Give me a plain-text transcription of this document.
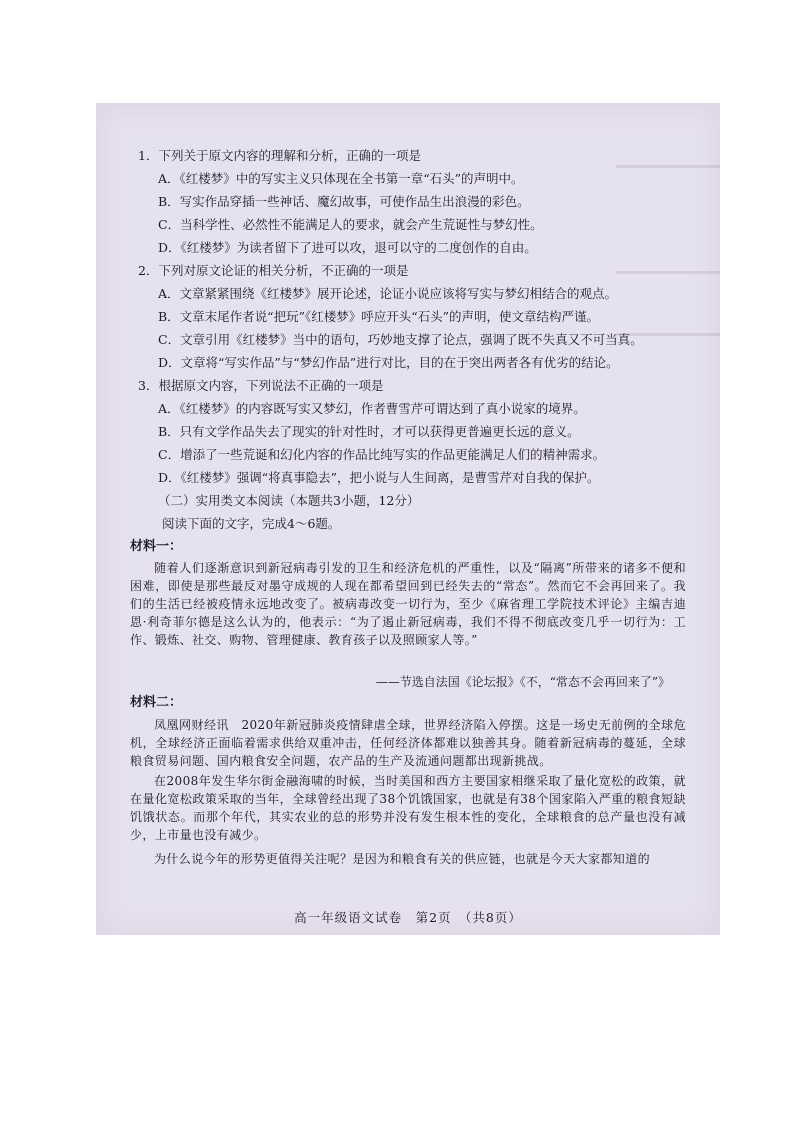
1．下列关于原文内容的理解和分析，正确的一项是
A．《红楼梦》中的写实主义只体现在全书第一章“石头”的声明中。
B．写实作品穿插一些神话、魔幻故事，可使作品生出浪漫的彩色。
C．当科学性、必然性不能满足人的要求，就会产生荒诞性与梦幻性。
D．《红楼梦》为读者留下了进可以攻，退可以守的二度创作的自由。
2．下列对原文论证的相关分析，不正确的一项是
A．文章紧紧围绕《红楼梦》展开论述，论证小说应该将写实与梦幻相结合的观点。
B．文章末尾作者说“把玩”《红楼梦》呼应开头“石头”的声明，使文章结构严谨。
C．文章引用《红楼梦》当中的语句，巧妙地支撑了论点，强调了既不失真又不可当真。
D．文章将“写实作品”与“梦幻作品”进行对比，目的在于突出两者各有优劣的结论。
3．根据原文内容，下列说法不正确的一项是
A．《红楼梦》的内容既写实又梦幻，作者曹雪芹可谓达到了真小说家的境界。
B．只有文学作品失去了现实的针对性时，才可以获得更普遍更长远的意义。
C．增添了一些荒诞和幻化内容的作品比纯写实的作品更能满足人们的精神需求。
D．《红楼梦》强调“将真事隐去”，把小说与人生间离，是曹雪芹对自我的保护。
（二）实用类文本阅读（本题共3小题，12分）
阅读下面的文字，完成4～6题。
材料一：
随着人们逐渐意识到新冠病毒引发的卫生和经济危机的严重性，以及“隔离”所带来的诸多不便和困难，即使是那些最反对墨守成规的人现在都希望回到已经失去的“常态”。然而它不会再回来了。我们的生活已经被疫情永远地改变了。被病毒改变一切行为，至少《麻省理工学院技术评论》主编吉迪恩·利奇菲尔德是这么认为的，他表示：“为了遏止新冠病毒，我们不得不彻底改变几乎一切行为：工作、锻炼、社交、购物、管理健康、教育孩子以及照顾家人等。”
——节选自法国《论坛报》《不，“常态不会再回来了”》
材料二：
凤凰网财经讯　2020年新冠肺炎疫情肆虐全球，世界经济陷入停摆。这是一场史无前例的全球危机，全球经济正面临着需求供给双重冲击，任何经济体都难以独善其身。随着新冠病毒的蔓延，全球粮食贸易问题、国内粮食安全问题，农产品的生产及流通问题都出现新挑战。
在2008年发生华尔街金融海啸的时候，当时美国和西方主要国家相继采取了量化宽松的政策，就在量化宽松政策采取的当年，全球曾经出现了38个饥饿国家，也就是有38个国家陷入严重的粮食短缺饥饿状态。而那个年代，其实农业的总的形势并没有发生根本性的变化，全球粮食的总产量也没有减少，上市量也没有减少。
为什么说今年的形势更值得关注呢？是因为和粮食有关的供应链，也就是今天大家都知道的
高一年级语文试卷　第2页　（共8页）
